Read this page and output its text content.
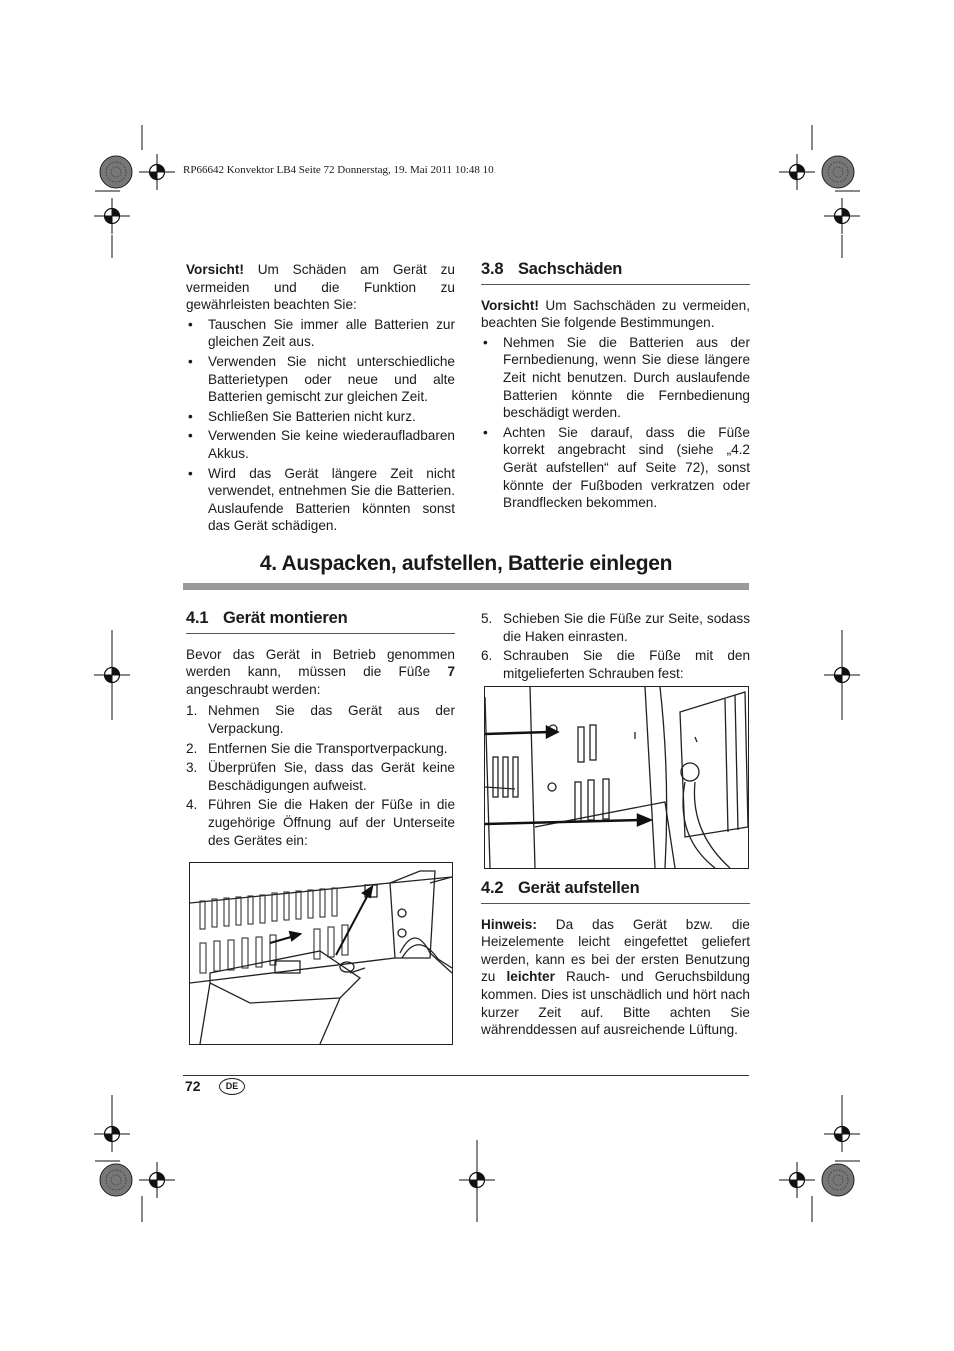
RP66642 Konvektor LB4 Seite 72 Donnerstag, 19. Mai 2011 10:48 10

Vorsicht! Um Schäden am Gerät zu vermeiden und die Funktion zu gewährleisten beachten Sie:

• Tauschen Sie immer alle Batterien zur gleichen Zeit aus.
• Verwenden Sie nicht unterschiedliche Batterietypen oder neue und alte Batterien gemischt zur gleichen Zeit.
• Schließen Sie Batterien nicht kurz.
• Verwenden Sie keine wiederaufladbaren Akkus.
• Wird das Gerät längere Zeit nicht verwendet, entnehmen Sie die Batterien. Auslaufende Batterien könnten sonst das Gerät schädigen.
3.8 Sachschäden

Vorsicht! Um Sachschäden zu vermeiden, beachten Sie folgende Bestimmungen.

• Nehmen Sie die Batterien aus der Fernbedienung, wenn Sie diese längere Zeit nicht benutzen. Durch auslaufende Batterien könnte die Fernbedienung beschädigt werden.
• Achten Sie darauf, dass die Füße korrekt angebracht sind (siehe „4.2 Gerät aufstellen“ auf Seite 72), sonst könnte der Fußboden verkratzen oder Brandflecken bekommen.
4. Auspacken, aufstellen, Batterie einlegen
4.1 Gerät montieren

Bevor das Gerät in Betrieb genommen werden kann, müssen die Füße 7 angeschraubt werden:

1. Nehmen Sie das Gerät aus der Verpackung.
2. Entfernen Sie die Transportverpackung.
3. Überprüfen Sie, dass das Gerät keine Beschädigungen aufweist.
4. Führen Sie die Haken der Füße in die zugehörige Öffnung auf der Unterseite des Gerätes ein:
5. Schieben Sie die Füße zur Seite, sodass die Haken einrasten.
6. Schrauben Sie die Füße mit den mitgelieferten Schrauben fest:
4.2 Gerät aufstellen

Hinweis: Da das Gerät bzw. die Heizelemente leicht eingefettet geliefert werden, kann es bei der ersten Benutzung zu leichter Rauch- und Geruchsbildung kommen. Dies ist unschädlich und hört nach kurzer Zeit auf. Bitte achten Sie währenddessen auf ausreichende Lüftung.

72	DE
